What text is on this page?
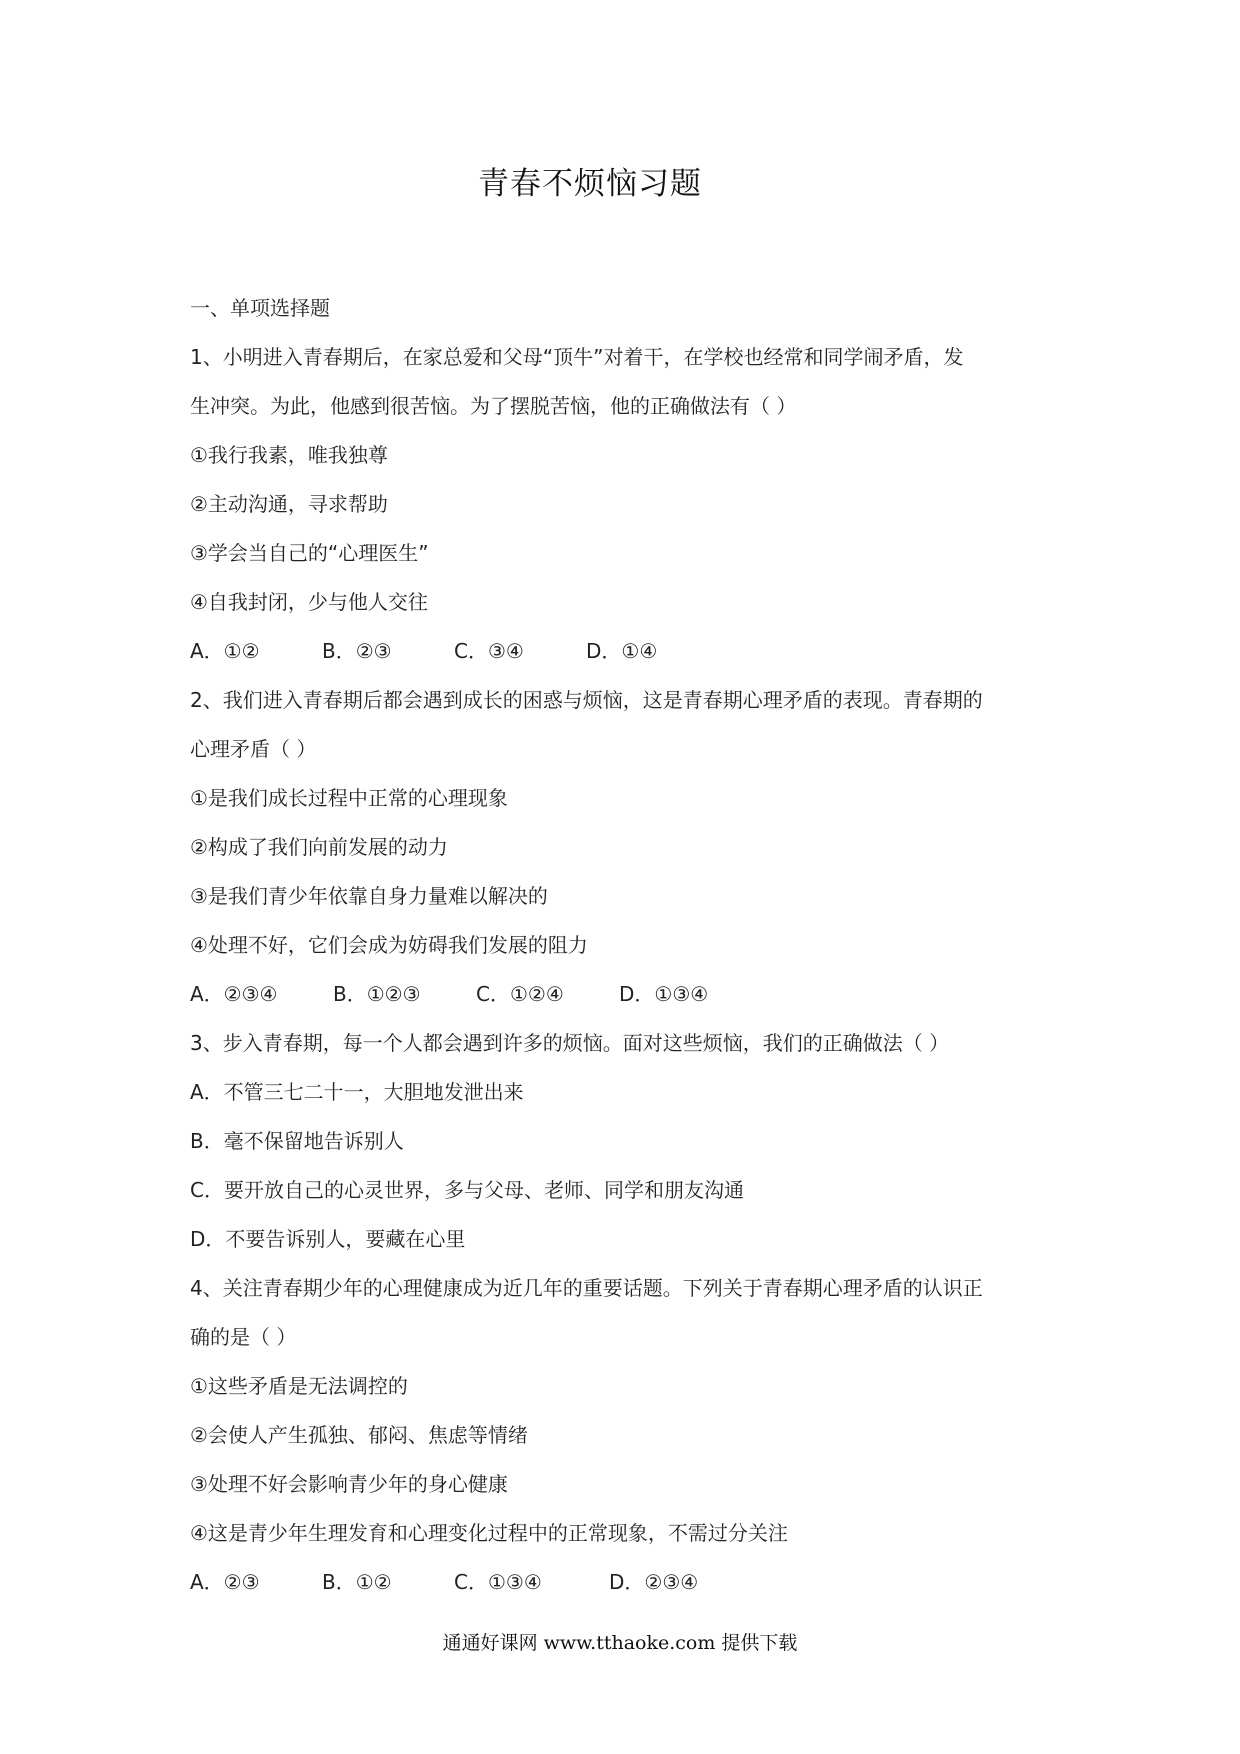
青春不烦恼习题
一、单项选择题
1、小明进入青春期后，在家总爱和父母“顶牛”对着干，在学校也经常和同学闹矛盾，发
生冲突。为此，他感到很苦恼。为了摆脱苦恼，他的正确做法有（ ）
①我行我素，唯我独尊
②主动沟通，寻求帮助
③学会当自己的“心理医生”
④自我封闭，少与他人交往
A．①②	B．②③	C．③④	D．①④
2、我们进入青春期后都会遇到成长的困惑与烦恼，这是青春期心理矛盾的表现。青春期的
心理矛盾（ ）
①是我们成长过程中正常的心理现象
②构成了我们向前发展的动力
③是我们青少年依靠自身力量难以解决的
④处理不好，它们会成为妨碍我们发展的阻力
A．②③④	B．①②③	C．①②④	D．①③④
3、步入青春期，每一个人都会遇到许多的烦恼。面对这些烦恼，我们的正确做法（ ）
A．不管三七二十一，大胆地发泄出来
B．毫不保留地告诉别人
C．要开放自己的心灵世界，多与父母、老师、同学和朋友沟通
D．不要告诉别人，要藏在心里
4、关注青春期少年的心理健康成为近几年的重要话题。下列关于青春期心理矛盾的认识正
确的是（ ）
①这些矛盾是无法调控的
②会使人产生孤独、郁闷、焦虑等情绪
③处理不好会影响青少年的身心健康
④这是青少年生理发育和心理变化过程中的正常现象，不需过分关注
A．②③	B．①②	C．①③④	D．②③④
通通好课网 www.tthaoke.com 提供下载
